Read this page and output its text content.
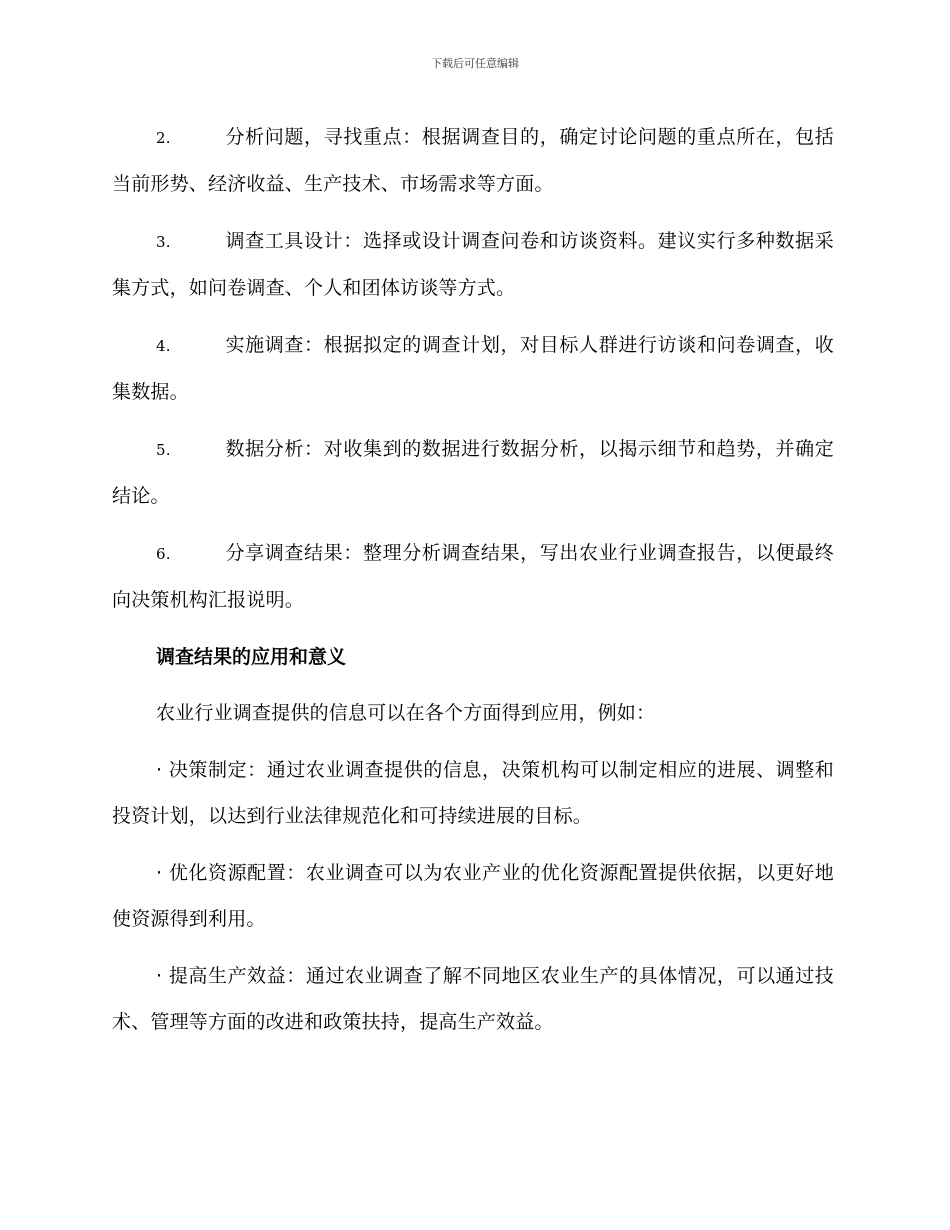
下载后可任意编辑

2.	分析问题，寻找重点：根据调查目的，确定讨论问题的重点所在，包括当前形势、经济收益、生产技术、市场需求等方面。

3.	调查工具设计：选择或设计调查问卷和访谈资料。建议实行多种数据采集方式，如问卷调查、个人和团体访谈等方式。

4.	实施调查：根据拟定的调查计划，对目标人群进行访谈和问卷调查，收集数据。

5.	数据分析：对收集到的数据进行数据分析，以揭示细节和趋势，并确定结论。

6.	分享调查结果：整理分析调查结果，写出农业行业调查报告，以便最终向决策机构汇报说明。

调查结果的应用和意义

农业行业调查提供的信息可以在各个方面得到应用，例如：

· 决策制定：通过农业调查提供的信息，决策机构可以制定相应的进展、调整和投资计划，以达到行业法律规范化和可持续进展的目标。

· 优化资源配置：农业调查可以为农业产业的优化资源配置提供依据，以更好地使资源得到利用。

· 提高生产效益：通过农业调查了解不同地区农业生产的具体情况，可以通过技术、管理等方面的改进和政策扶持，提高生产效益。
